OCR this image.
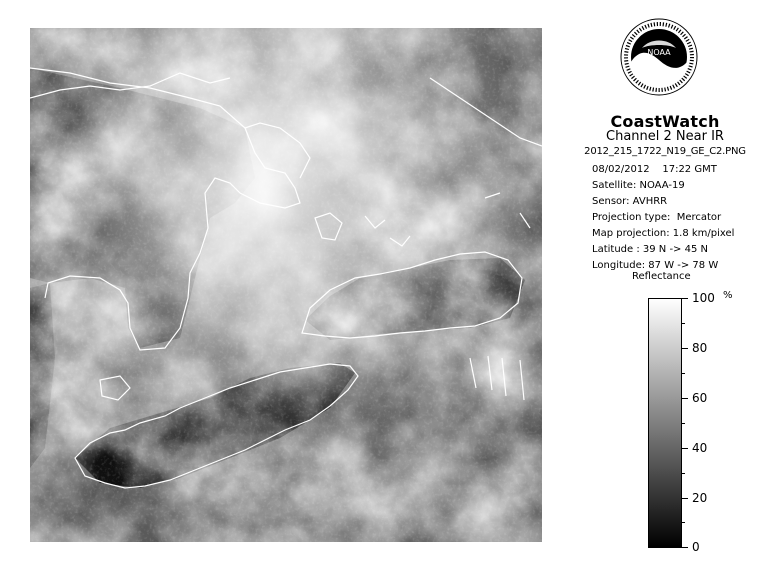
NOAA
CoastWatch
Channel 2 Near IR
2012_215_1722_N19_GE_C2.PNG
08/02/2012    17:22 GMT
Satellite: NOAA-19
Sensor: AVHRR
Projection type:  Mercator
Map projection: 1.8 km/pixel
Latitude : 39 N -> 45 N
Longitude: 87 W -> 78 W
Reflectance
%
100
80
60
40
20
0
